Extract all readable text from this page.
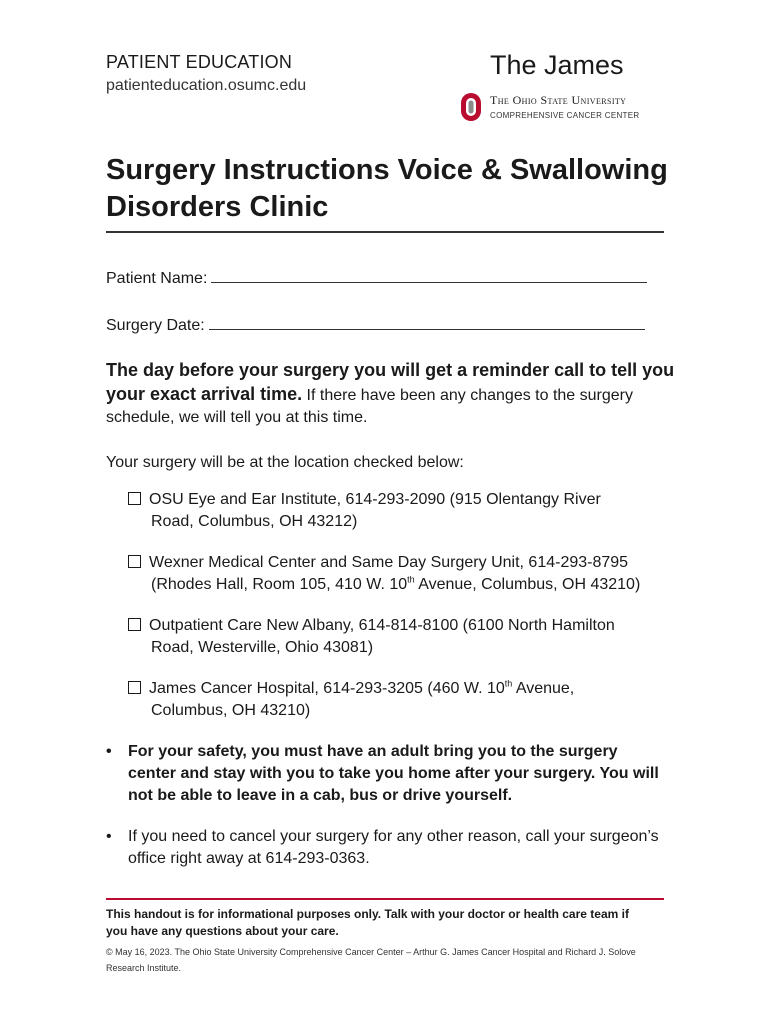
PATIENT EDUCATION
patienteducation.osumc.edu
The James
The Ohio State University
COMPREHENSIVE CANCER CENTER
Surgery Instructions Voice & Swallowing Disorders Clinic
Patient Name:
Surgery Date:
The day before your surgery you will get a reminder call to tell you your exact arrival time. If there have been any changes to the surgery schedule, we will tell you at this time.
Your surgery will be at the location checked below:
OSU Eye and Ear Institute, 614-293-2090 (915 Olentangy River
Road, Columbus, OH 43212)
Wexner Medical Center and Same Day Surgery Unit, 614-293-8795
(Rhodes Hall, Room 105, 410 W. 10th Avenue, Columbus, OH 43210)
Outpatient Care New Albany, 614-814-8100 (6100 North Hamilton
Road, Westerville, Ohio 43081)
James Cancer Hospital, 614-293-3205 (460 W. 10th Avenue,
Columbus, OH 43210)
• For your safety, you must have an adult bring you to the surgery center and stay with you to take you home after your surgery. You will not be able to leave in a cab, bus or drive yourself.
• If you need to cancel your surgery for any other reason, call your surgeon’s office right away at 614-293-0363.
This handout is for informational purposes only. Talk with your doctor or health care team if you have any questions about your care.
© May 16, 2023. The Ohio State University Comprehensive Cancer Center – Arthur G. James Cancer Hospital and Richard J. Solove Research Institute.
